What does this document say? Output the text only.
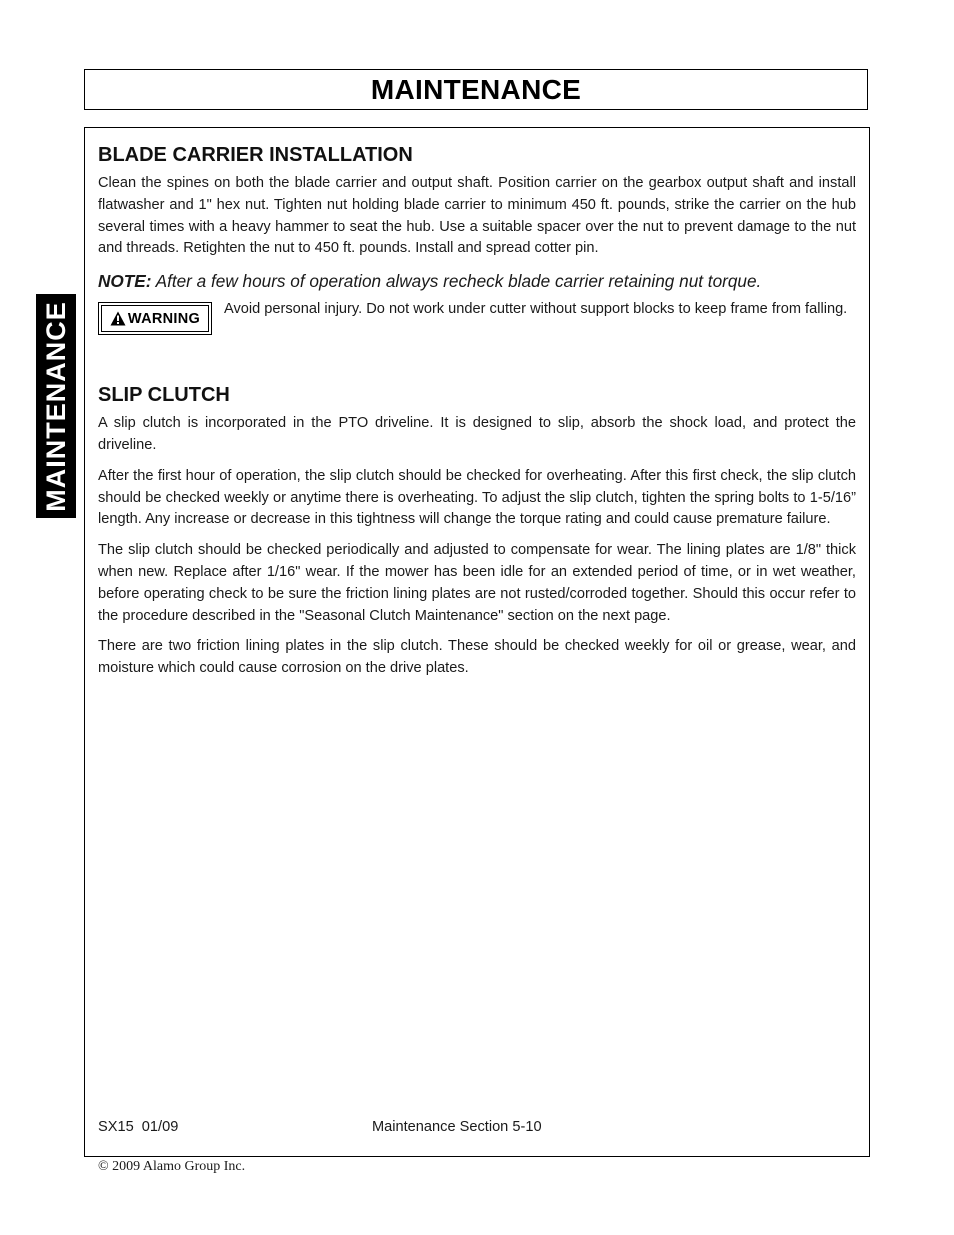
MAINTENANCE
MAINTENANCE
BLADE CARRIER INSTALLATION

Clean the spines on both the blade carrier and output shaft. Position carrier on the gearbox output shaft and install flatwasher and 1" hex nut. Tighten nut holding blade carrier to minimum 450 ft. pounds, strike the carrier on the hub several times with a heavy hammer to seat the hub. Use a suitable spacer over the nut to prevent damage to the nut and threads. Retighten the nut to 450 ft. pounds. Install and spread cotter pin.

NOTE: After a few hours of operation always recheck blade carrier retaining nut torque.

WARNING

Avoid personal injury. Do not work under cutter without support blocks to keep frame from falling.

SLIP CLUTCH

A slip clutch is incorporated in the PTO driveline. It is designed to slip, absorb the shock load, and protect the driveline.

After the first hour of operation, the slip clutch should be checked for overheating. After this first check, the slip clutch should be checked weekly or anytime there is overheating. To adjust the slip clutch, tighten the spring bolts to 1-5/16” length. Any increase or decrease in this tightness will change the torque rating and could cause premature failure.

The slip clutch should be checked periodically and adjusted to compensate for wear. The lining plates are 1/8" thick when new. Replace after 1/16" wear. If the mower has been idle for an extended period of time, or in wet weather, before operating check to be sure the friction lining plates are not rusted/corroded together. Should this occur refer to the procedure described in the "Seasonal Clutch Maintenance" section on the next page.

There are two friction lining plates in the slip clutch. These should be checked weekly for oil or grease, wear, and moisture which could cause corrosion on the drive plates.

SX15  01/09	Maintenance Section 5-10
© 2009 Alamo Group Inc.
